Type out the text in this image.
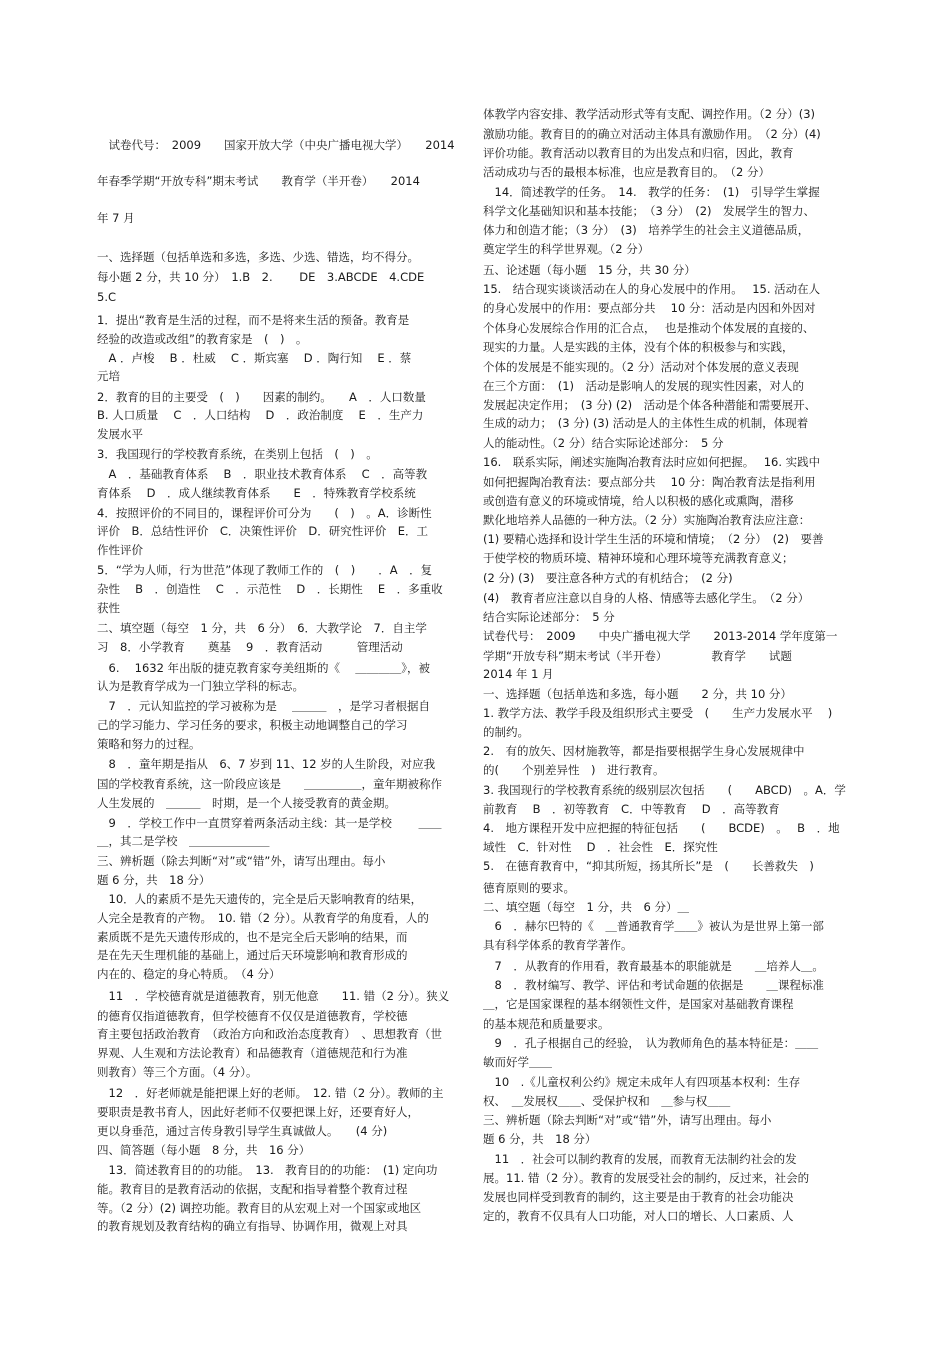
　试卷代号：　2009　　国家开放大学（中央广播电视大学）　　2014
年春季学期“开放专科”期末考试　　教育学（半开卷）　　2014
年 7 月
一、选择题（包括单选和多选，多选、少选、错选，均不得分。
每小题 2 分，共 10 分）　1.B　2.　　 DE　3.ABCDE　4.CDE
5.C
1．提出“教育是生活的过程，而不是将来生活的预备。教育是
经验的改造或改组”的教育家是　(　)　。
　A ．卢梭　 B ．杜威　 C ．斯宾塞　 D ．陶行知　 E ．蔡
元培
2．教育的目的主要受　(　)　　因素的制约。　　A　．人口数量
B. 人口质量　 C　．人口结构　 D　．政治制度　 E　．生产力
发展水平
3．我国现行的学校教育系统，在类别上包括　(　)　。
　A　．基础教育体系　 B　．职业技术教育体系　 C　．高等教
育体系　 D　．成人继续教育体系　　E　．特殊教育学校系统
4．按照评价的不同目的，课程评价可分为　　(　)　。A．诊断性
评价　B．总结性评价　C．决策性评价　D．研究性评价　E．工
作性评价
5．“学为人师，行为世范”体现了教师工作的　(　)　　．A　．复
杂性　 B　．创造性　 C　．示范性　 D　．长期性　 E　．多重收
获性
二、填空题（每空　1 分，共　6 分）　6．大教学论　7．自主学
习　8．小学教育　　奠基　 9　．教育活动　　　管理活动
　6.　 1632 年出版的捷克教育家夸美纽斯的《　 ＿＿＿＿》，被
认为是教育学成为一门独立学科的标志。
　7　．元认知监控的学习被称为是　 ＿＿＿　，是学习者根据自
己的学习能力、学习任务的要求，积极主动地调整自己的学习
策略和努力的过程。
　8　．童年期是指从　6、7 岁到 11、12 岁的人生阶段，对应我
国的学校教育系统，这一阶段应该是　　＿＿＿＿＿，童年期被称作
人生发展的　＿＿＿　时期，是一个人接受教育的黄金期。
　9　．学校工作中一直贯穿着两条活动主线：其一是学校　　 ＿＿
＿，其二是学校　＿＿＿＿＿＿＿
三、辨析题（除去判断“对”或“错”外，请写出理由。每小
题 6 分，共　18 分）
　10．人的素质不是先天遗传的，完全是后天影响教育的结果，
人完全是教育的产物。　10. 错（2 分）。从教育学的角度看，人的
素质既不是先天遗传形成的，也不是完全后天影响的结果，而
是在先天生理机能的基础上，通过后天环境影响和教育形成的
内在的、稳定的身心特质。　（4 分）
　11　．学校德育就是道德教育，别无他意　　11. 错（2 分）。狭义
的德育仅指道德教育，但学校德育不仅仅是道德教育，学校德
育主要包括政治教育　（政治方向和政治态度教育）　、思想教育（世
界观、人生观和方法论教育）和品德教育（道德规范和行为准
则教育）等三个方面。（4 分）。
　12　．好老师就是能把课上好的老师。　12. 错（2 分）。教师的主
要职责是教书育人，因此好老师不仅要把课上好，还要育好人，
更以身垂范，通过言传身教引导学生真诚做人。　　(4 分)
四、简答题（每小题　8 分，共　16 分）
　13．简述教育目的的功能。　13.　教育目的的功能：　(1) 定向功
能。教育目的是教育活动的依据，支配和指导着整个教育过程
等。（2 分）(2) 调控功能。教育目的从宏观上对一个国家或地区
的教育规划及教育结构的确立有指导、协调作用，微观上对具
体教学内容安排、教学活动形式等有支配、调控作用。（2 分）(3)
激励功能。教育目的的确立对活动主体具有激励作用。　（2 分）(4)
评价功能。教育活动以教育目的为出发点和归宿，因此，教育
活动成功与否的最根本标准，也应是教育目的。　（2 分）
　14．简述教学的任务。　14.　教学的任务：　(1)　引导学生掌握
科学文化基础知识和基本技能；　（3 分）　(2)　发展学生的智力、
体力和创造才能；（3 分）　(3)　培养学生的社会主义道德品质，
奠定学生的科学世界观。（2 分）
五、论述题（每小题　15 分，共 30 分）
15.　结合现实谈谈活动在人的身心发展中的作用。　 15. 活动在人
的身心发展中的作用：要点部分共　 10 分：活动是内因和外因对
个体身心发展综合作用的汇合点，　 也是推动个体发展的直接的、
现实的力量。人是实践的主体，没有个体的积极参与和实践，
个体的发展是不能实现的。（2 分）活动对个体发展的意义表现
在三个方面：　(1)　活动是影响人的发展的现实性因素，对人的
发展起决定作用；　(3 分) (2)　活动是个体各种潜能和需要展开、
生成的动力；　(3 分) (3) 活动是人的主体性生成的机制，体现着
人的能动性。（2 分）结合实际论述部分：　5 分
16.　联系实际，阐述实施陶冶教育法时应如何把握。　 16. 实践中
如何把握陶冶教育法：要点部分共　 10 分：陶冶教育法是指利用
或创造有意义的环境或情境，给人以积极的感化或熏陶，潜移
默化地培养人品德的一种方法。（2 分）实施陶冶教育法应注意：
(1) 要精心选择和设计学生生活的环境和情境；　（2 分）　(2)　要善
于使学校的物质环境、精神环境和心理环境等充满教育意义；
(2 分) (3)　要注意各种方式的有机结合；　(2 分)
(4)　教育者应注意以自身的人格、情感等去感化学生。　（2 分）
结合实际论述部分：　5 分
试卷代号：　2009　　中央广播电视大学　　2013-2014 学年度第一
学期“开放专科”期末考试（半开卷）　　　　 教育学　　试题
2014 年 1 月
一、选择题（包括单选和多选，每小题　　2 分，共 10 分）
1. 教学方法、教学手段及组织形式主要受　(　　生产力发展水平　 )
的制约。
2.　有的放矢、因材施教等，都是指要根据学生身心发展规律中
的(　　个别差异性　)　进行教育。
3. 我国现行的学校教育系统的级别层次包括　　(　　ABCD)　。A．学
前教育　 B　．初等教育　C．中等教育　 D　．高等教育
4.　地方课程开发中应把握的特征包括　　(　　BCDE)　。　 B　．地
域性　C．针对性　 D　．社会性　E．探究性
5.　在德育教育中，“抑其所短，扬其所长”是　(　　长善救失　)
德育原则的要求。
二、填空题（每空　1 分，共　6 分）＿
　6　．赫尔巴特的《　＿普通教育学＿＿》被认为是世界上第一部
具有科学体系的教育学著作。
　7　．从教育的作用看，教育最基本的职能就是　　＿培养人＿。
　8　．教材编写、教学、评估和考试命题的依据是　　＿课程标准
＿，它是国家课程的基本纲领性文件，是国家对基础教育课程
的基本规范和质量要求。
　9　．孔子根据自己的经验，　认为教师角色的基本特征是：＿＿
敏而好学＿＿
　10　.《儿童权利公约》规定未成年人有四项基本权利：生存
权、　＿发展权＿＿、受保护权和　＿参与权＿＿
三、辨析题（除去判断“对”或“错”外，请写出理由。每小
题 6 分，共　18 分）
　11　．社会可以制约教育的发展，而教育无法制约社会的发
展。11. 错（2 分）。教育的发展受社会的制约，反过来，社会的
发展也同样受到教育的制约，这主要是由于教育的社会功能决
定的，教育不仅具有人口功能，对人口的增长、人口素质、人
